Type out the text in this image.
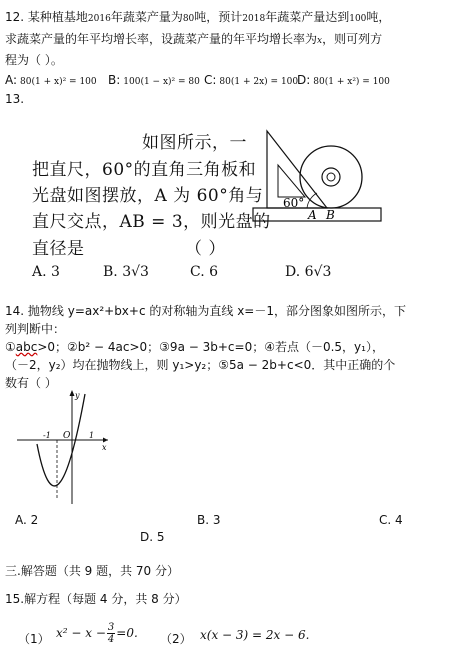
12. 某种植基地2016年蔬菜产量为80吨，预计2018年蔬菜产量达到100吨，
求蔬菜产量的年平均增长率，设蔬菜产量的年平均增长率为x，则可列方
程为（ ）。
A: 80(1 + x)² = 100 B: 100(1 − x)² = 80 C: 80(1 + 2x) = 100
D: 80(1 + x²) = 100
13.
如图所示，一
把直尺，60°的直角三角板和
光盘如图摆放，A 为 60°角与
直尺交点，AB = 3，则光盘的
直径是	（ ）
60°
A B
A. 3	B. 3√3	C. 6	D. 6√3
14. 抛物线 y=ax²+bx+c 的对称轴为直线 x=－1，部分图象如图所示，下
列判断中：
①abc>0；②b² − 4ac>0；③9a − 3b+c=0；④若点（－0.5，y₁），
（－2，y₂）均在抛物线上，则 y₁>y₂；⑤5a − 2b+c<0．其中正确的个
数有（ ）
-1 O 1
x
y
A. 2	B. 3	C. 4
D. 5
三.解答题（共 9 题，共 70 分）
15.解方程（每题 4 分，共 8 分）
（1） $x^2 - x - \frac{3}{4} =0$. （2） x(x − 3) = 2x − 6.
